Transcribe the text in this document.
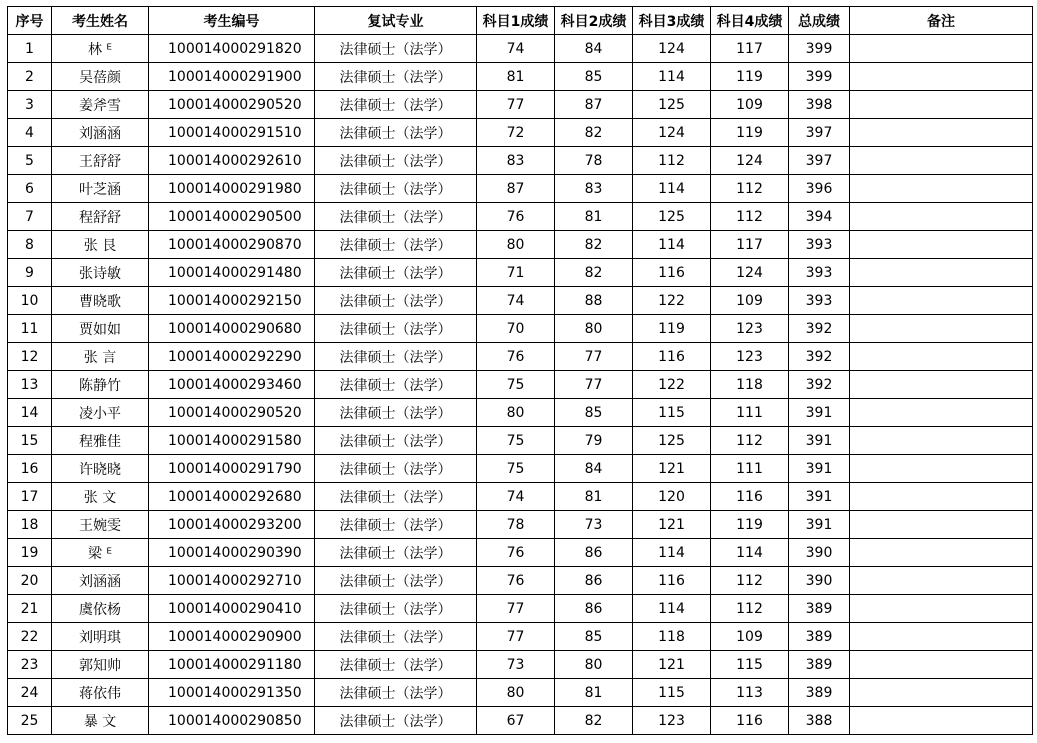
序号	考生姓名	考生编号	复试专业	科目1成绩	科目2成绩	科目3成绩	科目4成绩	总成绩	备注
1	林 ᴱ	100014000291820	法律硕士（法学）	74	84	124	117	399	
2	吴蓓颜	100014000291900	法律硕士（法学）	81	85	114	119	399	
3	姜斧雪	100014000290520	法律硕士（法学）	77	87	125	109	398	
4	刘涵涵	100014000291510	法律硕士（法学）	72	82	124	119	397	
5	王舒舒	100014000292610	法律硕士（法学）	83	78	112	124	397	
6	叶芝涵	100014000291980	法律硕士（法学）	87	83	114	112	396	
7	程舒舒	100014000290500	法律硕士（法学）	76	81	125	112	394	
8	张 艮	100014000290870	法律硕士（法学）	80	82	114	117	393	
9	张诗敏	100014000291480	法律硕士（法学）	71	82	116	124	393	
10	曹晓歌	100014000292150	法律硕士（法学）	74	88	122	109	393	
11	贾如如	100014000290680	法律硕士（法学）	70	80	119	123	392	
12	张 言	100014000292290	法律硕士（法学）	76	77	116	123	392	
13	陈静竹	100014000293460	法律硕士（法学）	75	77	122	118	392	
14	凌小平	100014000290520	法律硕士（法学）	80	85	115	111	391	
15	程雅佳	100014000291580	法律硕士（法学）	75	79	125	112	391	
16	许晓晓	100014000291790	法律硕士（法学）	75	84	121	111	391	
17	张 文	100014000292680	法律硕士（法学）	74	81	120	116	391	
18	王婉雯	100014000293200	法律硕士（法学）	78	73	121	119	391	
19	梁 ᴱ	100014000290390	法律硕士（法学）	76	86	114	114	390	
20	刘涵涵	100014000292710	法律硕士（法学）	76	86	116	112	390	
21	虞依杨	100014000290410	法律硕士（法学）	77	86	114	112	389	
22	刘明琪	100014000290900	法律硕士（法学）	77	85	118	109	389	
23	郭知帅	100014000291180	法律硕士（法学）	73	80	121	115	389	
24	蒋依伟	100014000291350	法律硕士（法学）	80	81	115	113	389	
25	暴 文	100014000290850	法律硕士（法学）	67	82	123	116	388	
